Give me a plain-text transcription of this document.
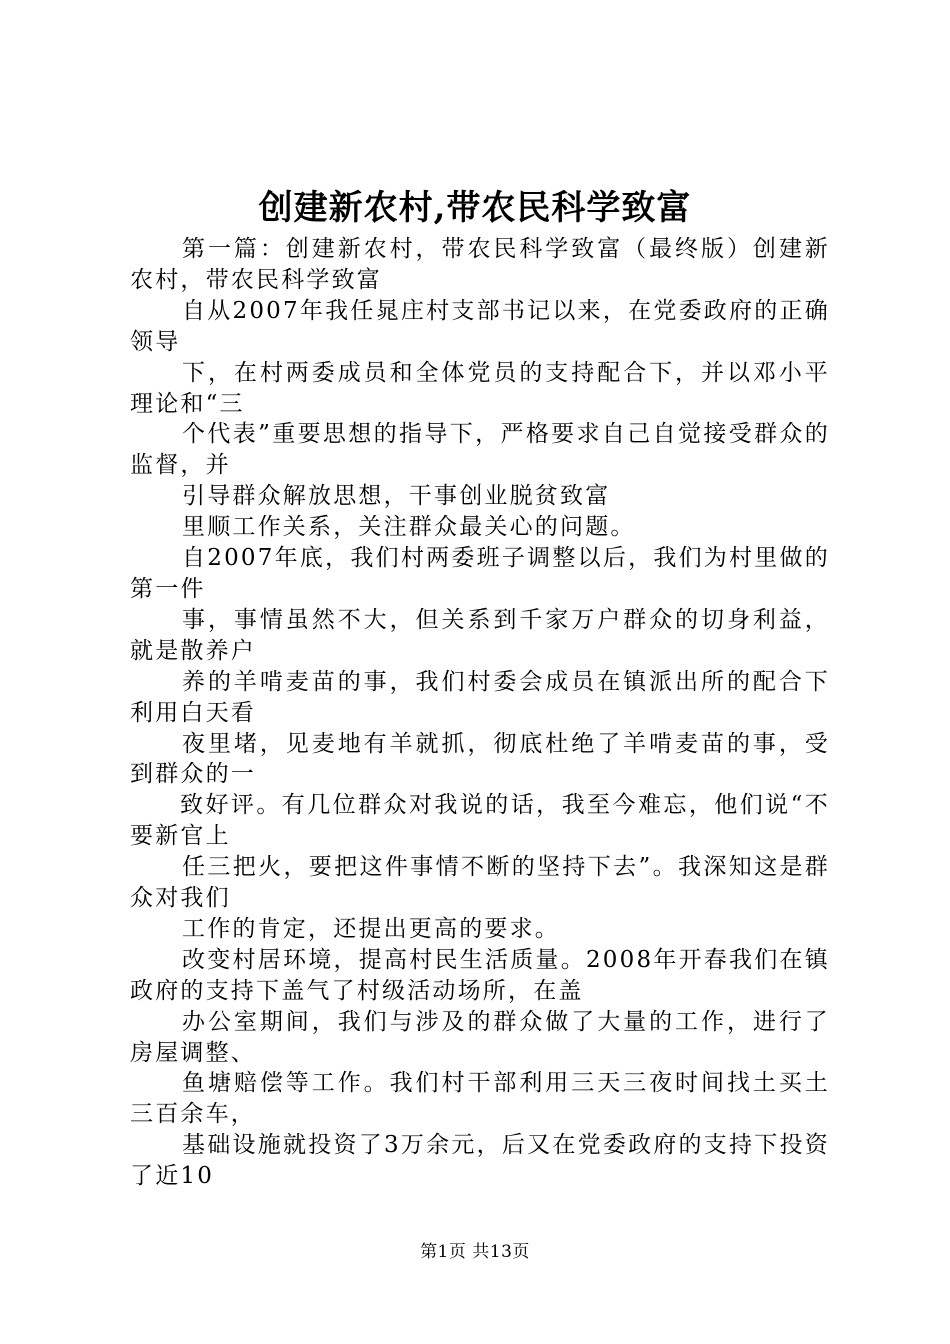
创建新农村,带农民科学致富

第一篇：创建新农村，带农民科学致富（最终版）创建新农村，带农民科学致富

自从2007年我任晁庄村支部书记以来，在党委政府的正确领导

下，在村两委成员和全体党员的支持配合下，并以邓小平理论和“三

个代表”重要思想的指导下，严格要求自己自觉接受群众的监督，并

引导群众解放思想，干事创业脱贫致富

里顺工作关系，关注群众最关心的问题。

自2007年底，我们村两委班子调整以后，我们为村里做的第一件

事，事情虽然不大，但关系到千家万户群众的切身利益，就是散养户

养的羊啃麦苗的事，我们村委会成员在镇派出所的配合下利用白天看

夜里堵，见麦地有羊就抓，彻底杜绝了羊啃麦苗的事，受到群众的一

致好评。有几位群众对我说的话，我至今难忘，他们说“不要新官上

任三把火，要把这件事情不断的坚持下去”。我深知这是群众对我们

工作的肯定，还提出更高的要求。

改变村居环境，提高村民生活质量。2008年开春我们在镇政府的支持下盖气了村级活动场所，在盖

办公室期间，我们与涉及的群众做了大量的工作，进行了房屋调整、

鱼塘赔偿等工作。我们村干部利用三天三夜时间找土买土三百余车，

基础设施就投资了3万余元，后又在党委政府的支持下投资了近10

第1页 共13页
